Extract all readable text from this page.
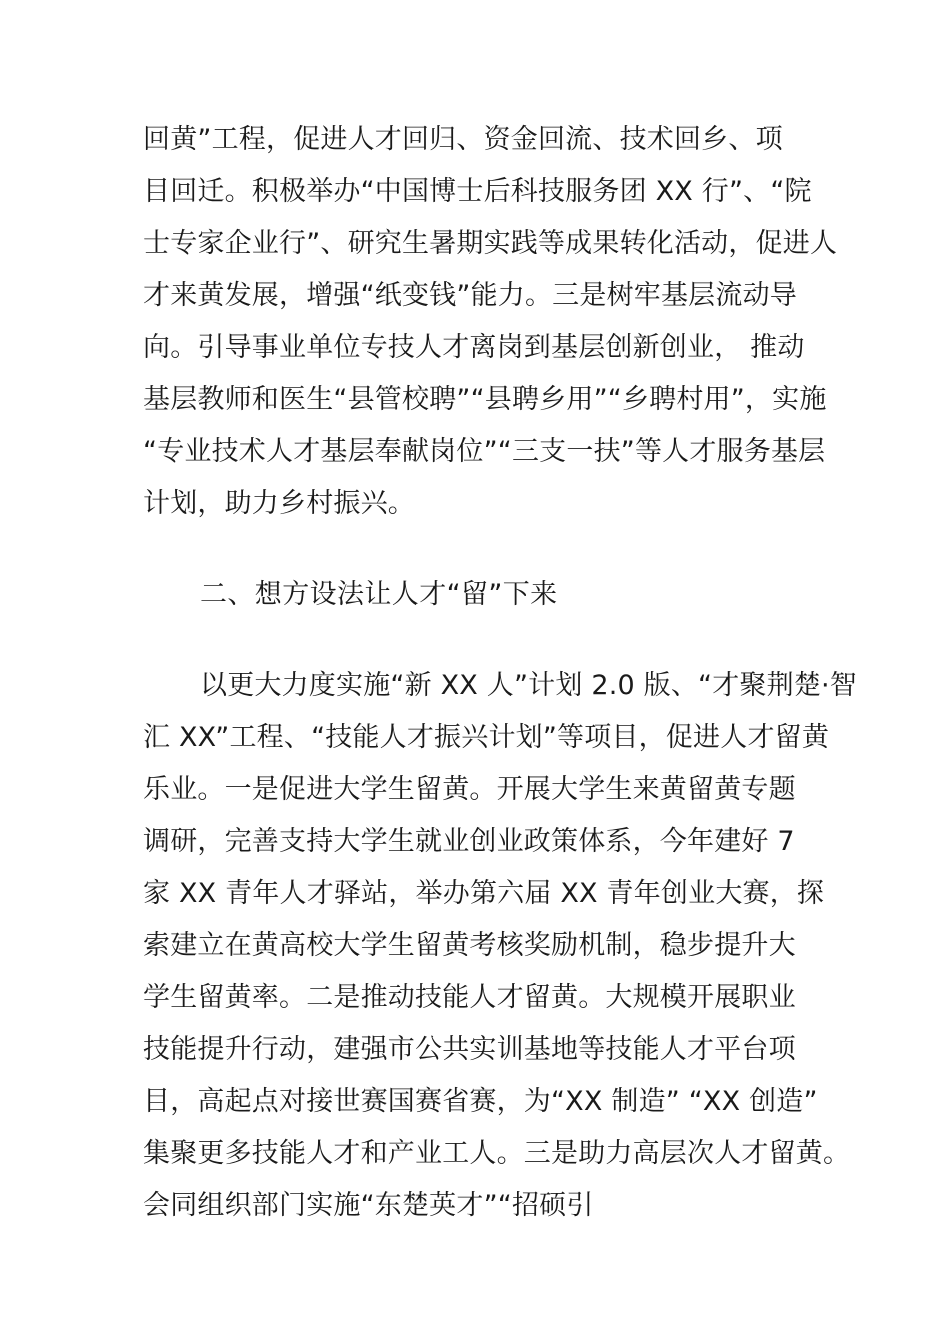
回黄”工程，促进人才回归、资金回流、技术回乡、项
目回迁。积极举办“中国博士后科技服务团 XX 行”、“院
士专家企业行”、研究生暑期实践等成果转化活动，促进人
才来黄发展，增强“纸变钱”能力。三是树牢基层流动导
向。引导事业单位专技人才离岗到基层创新创业， 推动
基层教师和医生“县管校聘”“县聘乡用”“乡聘村用”，实施
“专业技术人才基层奉献岗位”“三支一扶”等人才服务基层
计划，助力乡村振兴。
二、想方设法让人才“留”下来
以更大力度实施“新 XX 人”计划 2.0 版、“才聚荆楚·智
汇 XX”工程、“技能人才振兴计划”等项目，促进人才留黄
乐业。一是促进大学生留黄。开展大学生来黄留黄专题
调研，完善支持大学生就业创业政策体系，今年建好 7
家 XX 青年人才驿站，举办第六届 XX 青年创业大赛，探
索建立在黄高校大学生留黄考核奖励机制，稳步提升大
学生留黄率。二是推动技能人才留黄。大规模开展职业
技能提升行动，建强市公共实训基地等技能人才平台项
目，高起点对接世赛国赛省赛，为“XX 制造” “XX 创造”
集聚更多技能人才和产业工人。三是助力高层次人才留黄。
会同组织部门实施“东楚英才”“招硕引
